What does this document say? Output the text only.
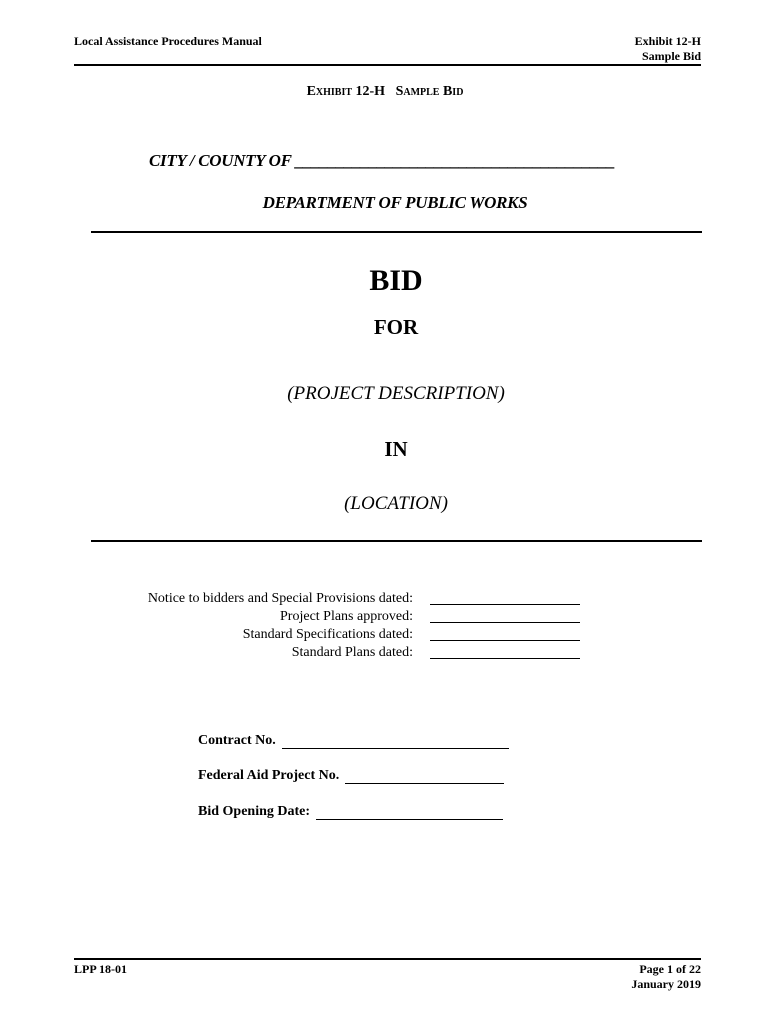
Local Assistance Procedures Manual	Exhibit 12-H
Sample Bid
Exhibit 12-H   Sample Bid
CITY / COUNTY OF _______________________________________
DEPARTMENT OF PUBLIC WORKS
BID
FOR
(PROJECT DESCRIPTION)
IN
(LOCATION)
Notice to bidders and Special Provisions dated:
Project Plans approved:
Standard Specifications dated:
Standard Plans dated:
Contract No.
Federal Aid Project No.
Bid Opening Date:
LPP 18-01	Page 1 of 22
January 2019
